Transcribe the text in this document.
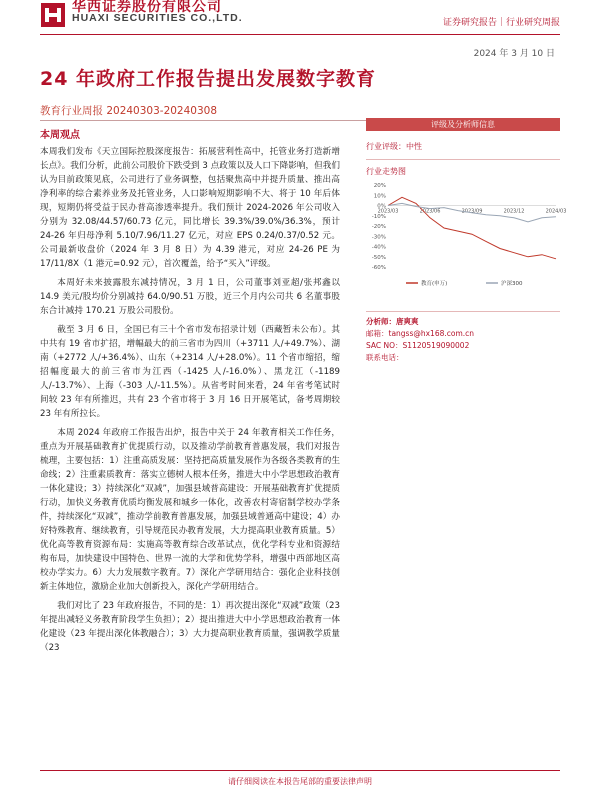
华西证券股份有限公司
HUAXI SECURITIES CO.,LTD.	证券研究报告｜行业研究周报
2024 年 3 月 10 日
24 年政府工作报告提出发展数字教育
教育行业周报 20240303-20240308
本周观点

本周我们发布《天立国际控股深度报告：拓展营利性高中，托管业务打造新增长点》。我们分析，此前公司股价下跌受到 3 点政策以及人口下降影响，但我们认为目前政策见底，公司进行了业务调整，包括聚焦高中并提升质量、推出高净利率的综合素养业务及托管业务，人口影响短期影响不大、将于 10 年后体现，短期仍将受益于民办普高渗透率提升。我们预计 2024-2026 年公司收入分别为 32.08/44.57/60.73 亿元，同比增长 39.3%/39.0%/36.3%，预计 24-26 年归母净利 5.10/7.96/11.27 亿元，对应 EPS 0.24/0.37/0.52 元。公司最新收盘价（2024 年 3 月 8 日）为 4.39 港元，对应 24-26 PE 为 17/11/8X（1 港元=0.92 元），首次覆盖，给予“买入”评级。

本周好未来披露股东减持情况，3 月 1 日，公司董事刘亚超/张邦鑫以 14.9 美元/股均价分别减持 64.0/90.51 万股，近三个月内公司共 6 名董事股东合计减持 170.21 万股公司股份。

截至 3 月 6 日，全国已有三十个省市发布招录计划（西藏暂未公布）。其中共有 19 省市扩招，增幅最大的前三省市为四川（+3711 人/+49.7%）、湖南（+2772 人/+36.4%）、山东（+2314 人/+28.0%）。11 个省市缩招，缩招幅度最大的前三省市为江西（-1425 人/-16.0%）、黑龙江（-1189 人/-13.7%）、上海（-303 人/-11.5%）。从省考时间来看，24 年省考笔试时间较 23 年有所推迟，共有 23 个省市将于 3 月 16 日开展笔试，备考周期较 23 年有所拉长。

本周 2024 年政府工作报告出炉，报告中关于 24 年教育相关工作任务，重点为开展基础教育扩优提质行动，以及推动学前教育普惠发展，我们对报告梳理，主要包括：1）注重高质发展：坚持把高质量发展作为各级各类教育的生命线；2）注重素质教育：落实立德树人根本任务，推进大中小学思想政治教育一体化建设；3）持续深化“双减”，加强县域普高建设：开展基础教育扩优提质行动，加快义务教育优质均衡发展和城乡一体化，改善农村寄宿制学校办学条件，持续深化“双减”，推动学前教育普惠发展，加强县域普通高中建设；4）办好特殊教育、继续教育，引导规范民办教育发展，大力提高职业教育质量。5）优化高等教育资源布局：实施高等教育综合改革试点，优化学科专业和资源结构布局，加快建设中国特色、世界一流的大学和优势学科，增强中西部地区高校办学实力。6）大力发展数字教育。7）深化产学研用结合：强化企业科技创新主体地位，激励企业加大创新投入，深化产学研用结合。

我们对比了 23 年政府报告，不同的是：1）再次提出深化“双减”政策（23 年提出减轻义务教育阶段学生负担）；2）提出推进大中小学思想政治教育一体化建设（23 年提出深化体教融合）；3）大力提高职业教育质量，强调教学质量（23

评级及分析师信息
行业评级：中性
行业走势图
20%
10%
0%
-10%
-20%
-30%
-40%
-50%
-60%
2023/03	2023/06	2023/09	2023/12	2024/03
教育(申万)	沪深300
分析师：唐爽爽
邮箱：tangss@hx168.com.cn
SAC NO：S1120519090002
联系电话：
请仔细阅读在本报告尾部的重要法律声明
